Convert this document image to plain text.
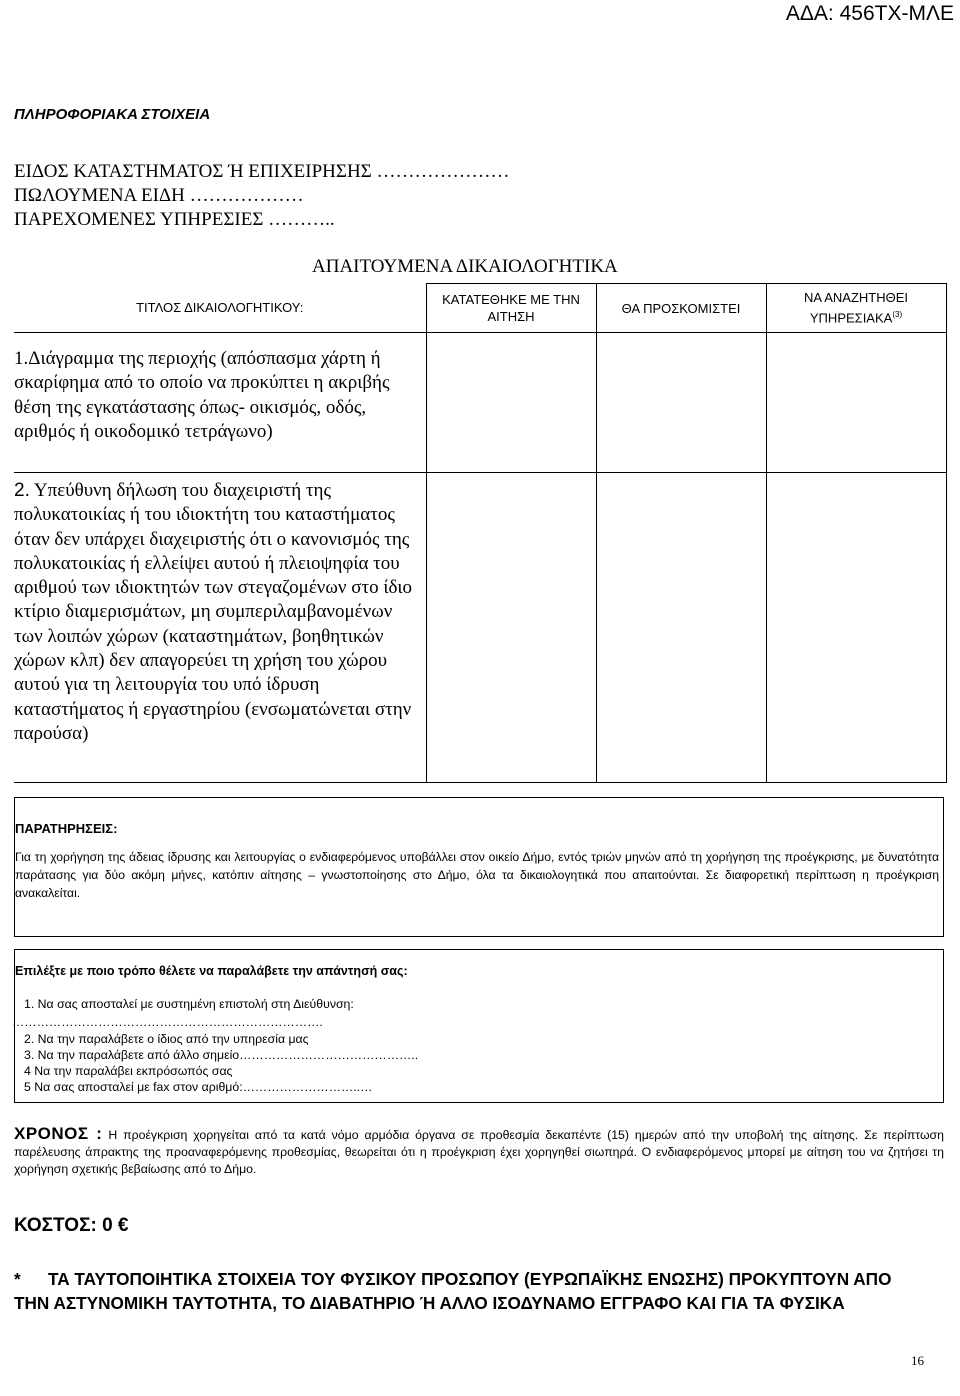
ΑΔΑ: 456ΤΧ-ΜΛΕ
ΠΛΗΡΟΦΟΡΙΑΚΑ ΣΤΟΙΧΕΙΑ
ΕΙΔΟΣ ΚΑΤΑΣΤΗΜΑΤΟΣ Ή ΕΠΙΧΕΙΡΗΣΗΣ …………………
ΠΩΛΟΥΜΕΝΑ ΕΙΔΗ ………………
ΠΑΡΕΧΟΜΕΝΕΣ ΥΠΗΡΕΣΙΕΣ ………..
ΑΠΑΙΤΟΥΜΕΝΑ ΔΙΚΑΙΟΛΟΓΗΤΙΚΑ
ΤΙΤΛΟΣ ΔΙΚΑΙΟΛΟΓΗΤΙΚΟΥ:	ΚΑΤΑΤΕΘΗΚΕ ΜΕ ΤΗΝ ΑΙΤΗΣΗ	ΘΑ ΠΡΟΣΚΟΜΙΣΤΕΙ	ΝΑ ΑΝΑΖΗΤΗΘΕΙ ΥΠΗΡΕΣΙΑΚΑ$^{(3)}$

1.Διάγραμμα της περιοχής (απόσπασμα χάρτη ή σκαρίφημα από το οποίο να προκύπτει η ακριβής θέση της εγκατάστασης όπως- οικισμός, οδός, αριθμός ή οικοδομικό τετράγωνο)			

2. Υπεύθυνη δήλωση του διαχειριστή της πολυκατοικίας ή του ιδιοκτήτη του καταστήματος όταν δεν υπάρχει διαχειριστής ότι ο κανονισμός της πολυκατοικίας ή ελλείψει αυτού ή πλειοψηφία του αριθμού των ιδιοκτητών των στεγαζομένων στο ίδιο κτίριο διαμερισμάτων, μη συμπεριλαμβανομένων των λοιπών χώρων (καταστημάτων, βοηθητικών χώρων κλπ) δεν απαγορεύει τη χρήση του χώρου αυτού για τη λειτουργία του υπό ίδρυση καταστήματος ή εργαστηρίου (ενσωματώνεται στην παρούσα)			

ΠΑΡΑΤΗΡΗΣΕΙΣ:
Για τη χορήγηση της άδειας ίδρυσης και λειτουργίας ο ενδιαφερόμενος υποβάλλει στον οικείο Δήμο, εντός τριών μηνών από τη χορήγηση της προέγκρισης, με δυνατότητα παράτασης για δύο ακόμη μήνες, κατόπιν αίτησης – γνωστοποίησης στο Δήμο, όλα τα δικαιολογητικά που απαιτούνται. Σε διαφορετική περίπτωση η προέγκριση ανακαλείται.
Επιλέξτε με ποιο τρόπο θέλετε να παραλάβετε την απάντησή σας:
1. Να σας αποσταλεί με συστημένη επιστολή στη Διεύθυνση:
………………………………………………………………….
2. Να την παραλάβετε ο ίδιος από την υπηρεσία μας
3. Να την παραλάβετε από άλλο σημείο……………………………………..
4 Να την παραλάβει εκπρόσωπός σας
5 Να σας αποσταλεί με fax στον αριθμό:………………………..…
ΧΡΟΝΟΣ : Η προέγκριση χορηγείται από τα κατά νόμο αρμόδια όργανα σε προθεσμία δεκαπέντε (15) ημερών από την υποβολή της αίτησης. Σε περίπτωση παρέλευσης άπρακτης της προαναφερόμενης προθεσμίας, θεωρείται ότι η προέγκριση έχει χορηγηθεί σιωπηρά. Ο ενδιαφερόμενος μπορεί με αίτηση του να ζητήσει τη χορήγηση σχετικής βεβαίωσης από το Δήμο.
ΚΟΣΤΟΣ: 0 €
* ΤΑ ΤΑΥΤΟΠΟΙΗΤΙΚΑ ΣΤΟΙΧΕΙΑ ΤΟΥ ΦΥΣΙΚΟΥ ΠΡΟΣΩΠΟΥ (ΕΥΡΩΠΑΪΚΗΣ ΕΝΩΣΗΣ) ΠΡΟΚΥΠΤΟΥΝ ΑΠΟ
ΤΗΝ ΑΣΤΥΝΟΜΙΚΗ ΤΑΥΤΟΤΗΤΑ, ΤΟ ΔΙΑΒΑΤΗΡΙΟ Ή ΑΛΛΟ ΙΣΟΔΥΝΑΜΟ ΕΓΓΡΑΦΟ ΚΑΙ ΓΙΑ ΤΑ ΦΥΣΙΚΑ
16
